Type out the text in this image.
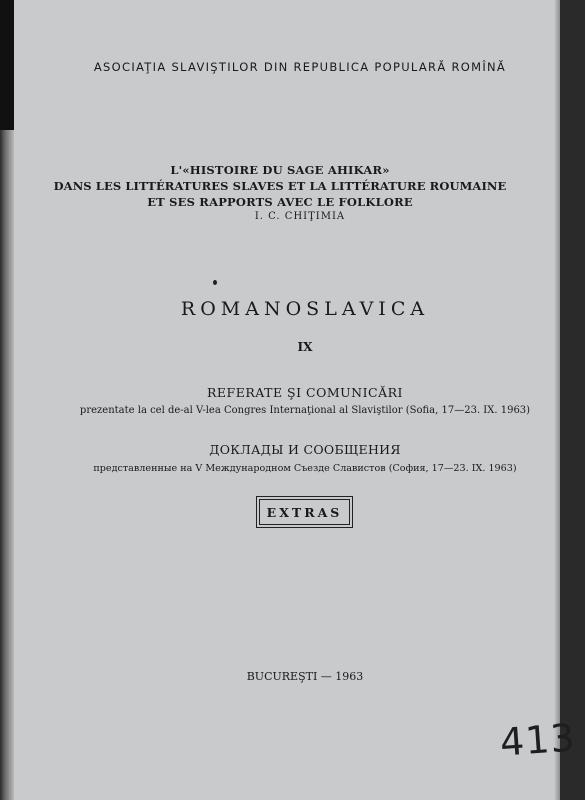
ASOCIAŢIA SLAVIŞTILOR DIN REPUBLICA POPULARĂ ROMÎNĂ
L'«HISTOIRE DU SAGE AHIKAR»
DANS LES LITTÉRATURES SLAVES ET LA LITTÉRATURE ROUMAINE
ET SES RAPPORTS AVEC LE FOLKLORE
I. C. CHIŢIMIA
ROMANOSLAVICA
IX
REFERATE ŞI COMUNICĂRI
prezentate la cel de-al V-lea Congres Internaţional al Slaviştilor (Sofia, 17—23. IX. 1963)
ДОКЛАДЫ И СООБЩЕНИЯ
представленные на V Международном Съезде Славистов (София, 17—23. IX. 1963)
EXTRAS
BUCUREŞTI — 1963
413
